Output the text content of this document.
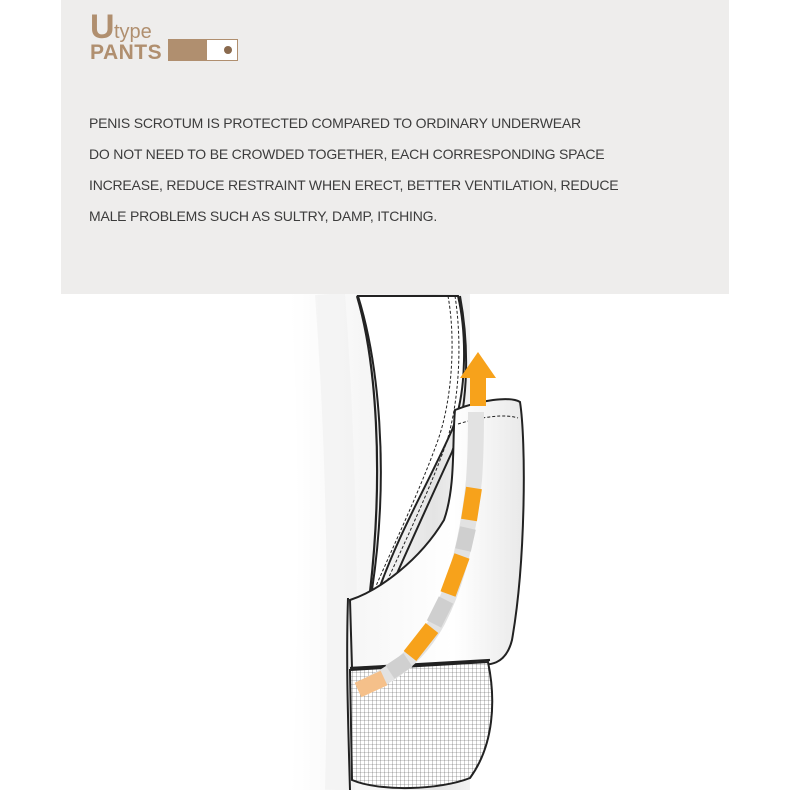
U type
PANTS
PENIS SCROTUM IS PROTECTED COMPARED TO ORDINARY UNDERWEAR
DO NOT NEED TO BE CROWDED TOGETHER, EACH CORRESPONDING SPACE
INCREASE, REDUCE RESTRAINT WHEN ERECT, BETTER VENTILATION, REDUCE
MALE PROBLEMS SUCH AS SULTRY, DAMP, ITCHING.
